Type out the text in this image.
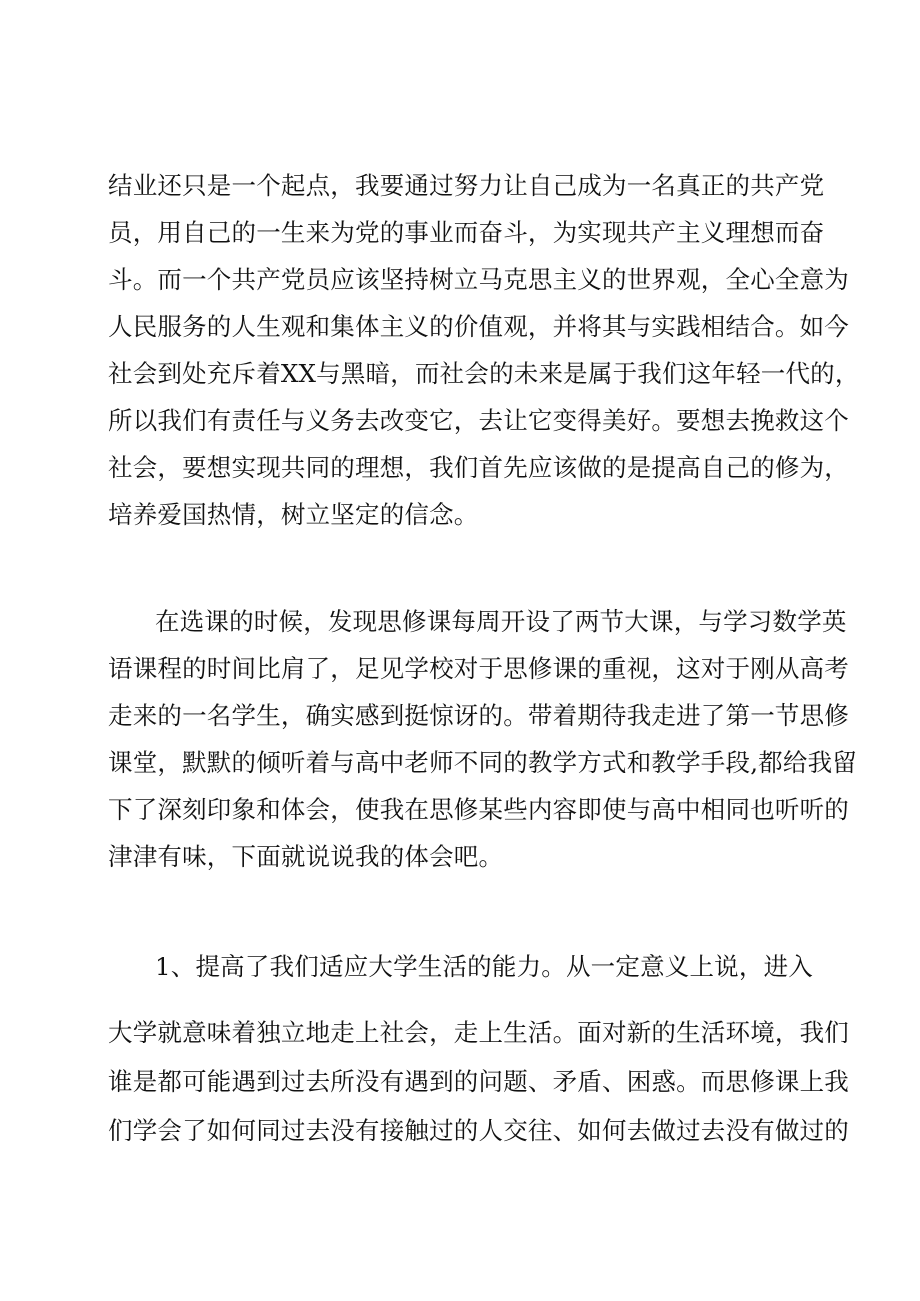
结业还只是一个起点，我要通过努力让自己成为一名真正的共产党
员，用自己的一生来为党的事业而奋斗，为实现共产主义理想而奋
斗。而一个共产党员应该坚持树立马克思主义的世界观，全心全意为
人民服务的人生观和集体主义的价值观，并将其与实践相结合。如今
社会到处充斥着XX与黑暗，而社会的未来是属于我们这年轻一代的，
所以我们有责任与义务去改变它，去让它变得美好。要想去挽救这个
社会，要想实现共同的理想，我们首先应该做的是提高自己的修为，
培养爱国热情，树立坚定的信念。
在选课的时候，发现思修课每周开设了两节大课，与学习数学英
语课程的时间比肩了，足见学校对于思修课的重视，这对于刚从高考
走来的一名学生，确实感到挺惊讶的。带着期待我走进了第一节思修
课堂，默默的倾听着与高中老师不同的教学方式和教学手段,都给我留
下了深刻印象和体会，使我在思修某些内容即使与高中相同也听听的
津津有味，下面就说说我的体会吧。
1、提高了我们适应大学生活的能力。从一定意义上说，进入
大学就意味着独立地走上社会，走上生活。面对新的生活环境，我们
谁是都可能遇到过去所没有遇到的问题、矛盾、困惑。而思修课上我
们学会了如何同过去没有接触过的人交往、如何去做过去没有做过的
